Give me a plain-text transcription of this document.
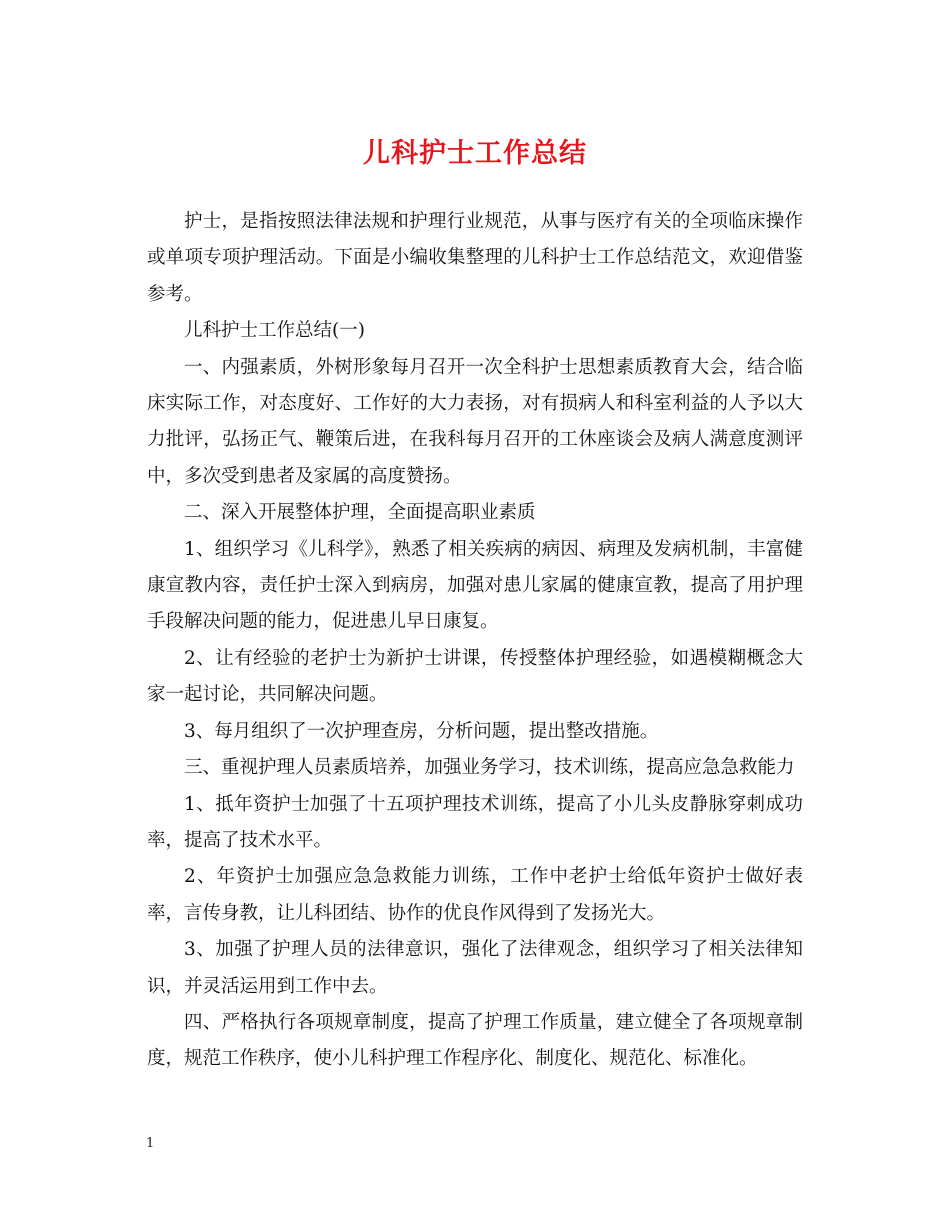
儿科护士工作总结

护士，是指按照法律法规和护理行业规范，从事与医疗有关的全项临床操作或单项专项护理活动。下面是小编收集整理的儿科护士工作总结范文，欢迎借鉴参考。

儿科护士工作总结(一)

一、内强素质，外树形象每月召开一次全科护士思想素质教育大会，结合临床实际工作，对态度好、工作好的大力表扬，对有损病人和科室利益的人予以大力批评，弘扬正气、鞭策后进，在我科每月召开的工休座谈会及病人满意度测评中，多次受到患者及家属的高度赞扬。

二、深入开展整体护理，全面提高职业素质

1、组织学习《儿科学》，熟悉了相关疾病的病因、病理及发病机制，丰富健康宣教内容，责任护士深入到病房，加强对患儿家属的健康宣教，提高了用护理手段解决问题的能力，促进患儿早日康复。

2、让有经验的老护士为新护士讲课，传授整体护理经验，如遇模糊概念大家一起讨论，共同解决问题。

3、每月组织了一次护理查房，分析问题，提出整改措施。

三、重视护理人员素质培养，加强业务学习，技术训练，提高应急急救能力

1、抵年资护士加强了十五项护理技术训练，提高了小儿头皮静脉穿刺成功率，提高了技术水平。

2、年资护士加强应急急救能力训练，工作中老护士给低年资护士做好表率，言传身教，让儿科团结、协作的优良作风得到了发扬光大。

3、加强了护理人员的法律意识，强化了法律观念，组织学习了相关法律知识，并灵活运用到工作中去。

四、严格执行各项规章制度，提高了护理工作质量，建立健全了各项规章制度，规范工作秩序，使小儿科护理工作程序化、制度化、规范化、标准化。

1
